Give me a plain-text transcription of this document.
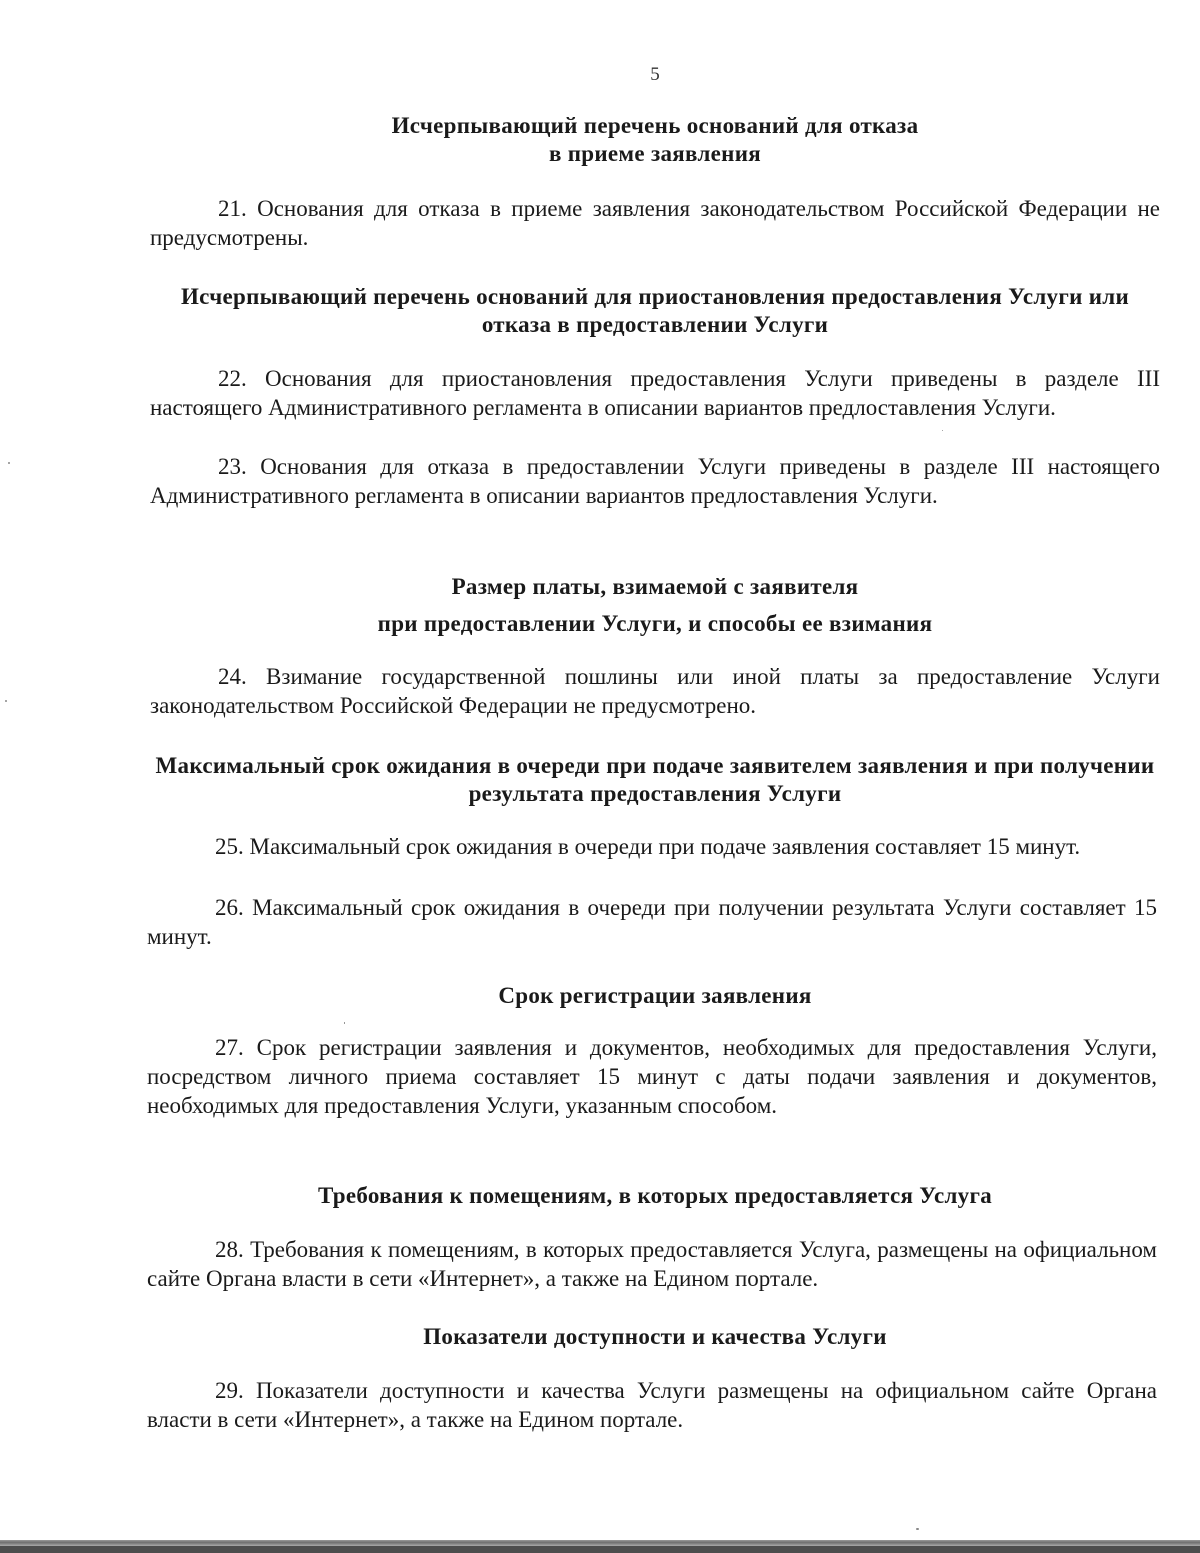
5
Исчерпывающий перечень оснований для отказа
в приеме заявления
21. Основания для отказа в приеме заявления законодательством Российской Федерации не предусмотрены.
Исчерпывающий перечень оснований для приостановления предоставления Услуги или отказа в предоставлении Услуги
22. Основания для приостановления предоставления Услуги приведены в разделе III настоящего Административного регламента в описании вариантов предлоставления Услуги.
23. Основания для отказа в предоставлении Услуги приведены в разделе III настоящего Административного регламента в описании вариантов предлоставления Услуги.
Размер платы, взимаемой с заявителя
при предоставлении Услуги, и способы ее взимания
24. Взимание государственной пошлины или иной платы за предоставление Услуги законодательством Российской Федерации не предусмотрено.
Максимальный срок ожидания в очереди при подаче заявителем заявления и при получении результата предоставления Услуги
25. Максимальный срок ожидания в очереди при подаче заявления составляет 15 минут.
26. Максимальный срок ожидания в очереди при получении результата Услуги составляет 15 минут.
Срок регистрации заявления
27. Срок регистрации заявления и документов, необходимых для предоставления Услуги, посредством личного приема составляет 15 минут с даты подачи заявления и документов, необходимых для предоставления Услуги, указанным способом.
Требования к помещениям, в которых предоставляется Услуга
28. Требования к помещениям, в которых предоставляется Услуга, размещены на официальном сайте Органа власти в сети «Интернет», а также на Едином портале.
Показатели доступности и качества Услуги
29. Показатели доступности и качества Услуги размещены на официальном сайте Органа власти в сети «Интернет», а также на Едином портале.
